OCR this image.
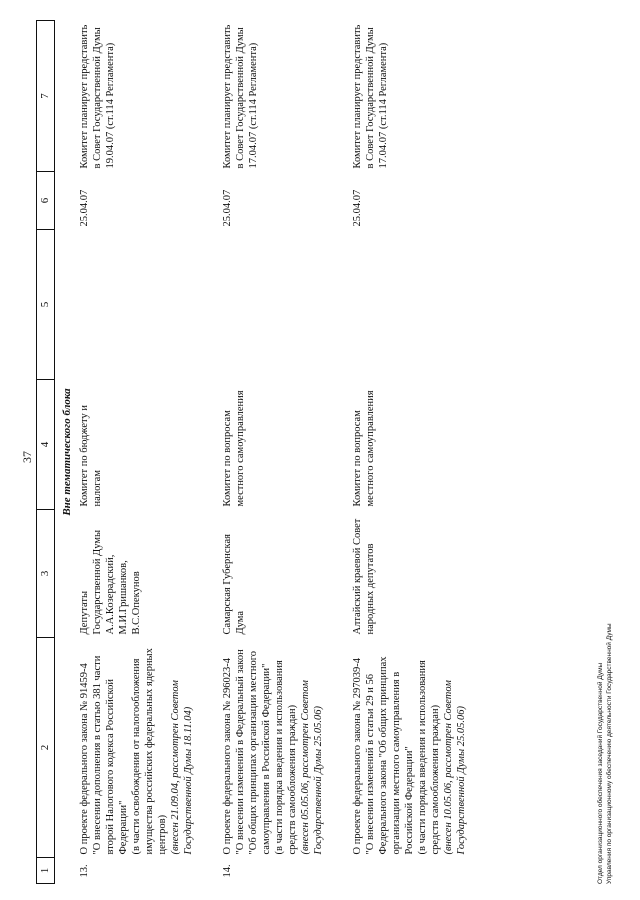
37
1	2	3	4	5	6	7
Вне тематического блока						
13.	О проекте федерального закона № 91459-4 "О внесении дополнения в статью 381 части второй Налогового кодекса Российской Федерации" (в части освобождения от налогообложения имущества российских федеральных ядерных центров) (внесен 21.09.04, рассмотрен Советом Государственной Думы 18.11.04)	Депутаты Государственной Думы А.А.Козерадский, М.И.Гришанков, В.С.Опекунов	Комитет по бюджету и налогам		25.04.07	Комитет планирует представить в Совет Государственной Думы 19.04.07 (ст.114 Регламента)
14.	О проекте федерального закона № 296023-4 "О внесении изменений в Федеральный закон "Об общих принципах организации местного самоуправления в Российской Федерации" (в части порядка введения и использования средств самообложения граждан) (внесен 05.05.06, рассмотрен Советом Государственной Думы 25.05.06)	Самарская Губернская Дума	Комитет по вопросам местного самоуправления		25.04.07	Комитет планирует представить в Совет Государственной Думы 17.04.07 (ст.114 Регламента)

	О проекте федерального закона № 297039-4 "О внесении изменений в статьи 29 и 56 Федерального закона "Об общих принципах организации местного самоуправления в Российской Федерации" (в части порядка введения и использования средств самообложения граждан) (внесен 10.05.06, рассмотрен Советом Государственной Думы 25.05.06)	Алтайский краевой Совет народных депутатов	Комитет по вопросам местного самоуправления		25.04.07	Комитет планирует представить в Совет Государственной Думы 17.04.07 (ст.114 Регламента)
Отдел организационного обеспечения заседаний Государственной Думы Управления по организационному обеспечению деятельности Государственной Думы
